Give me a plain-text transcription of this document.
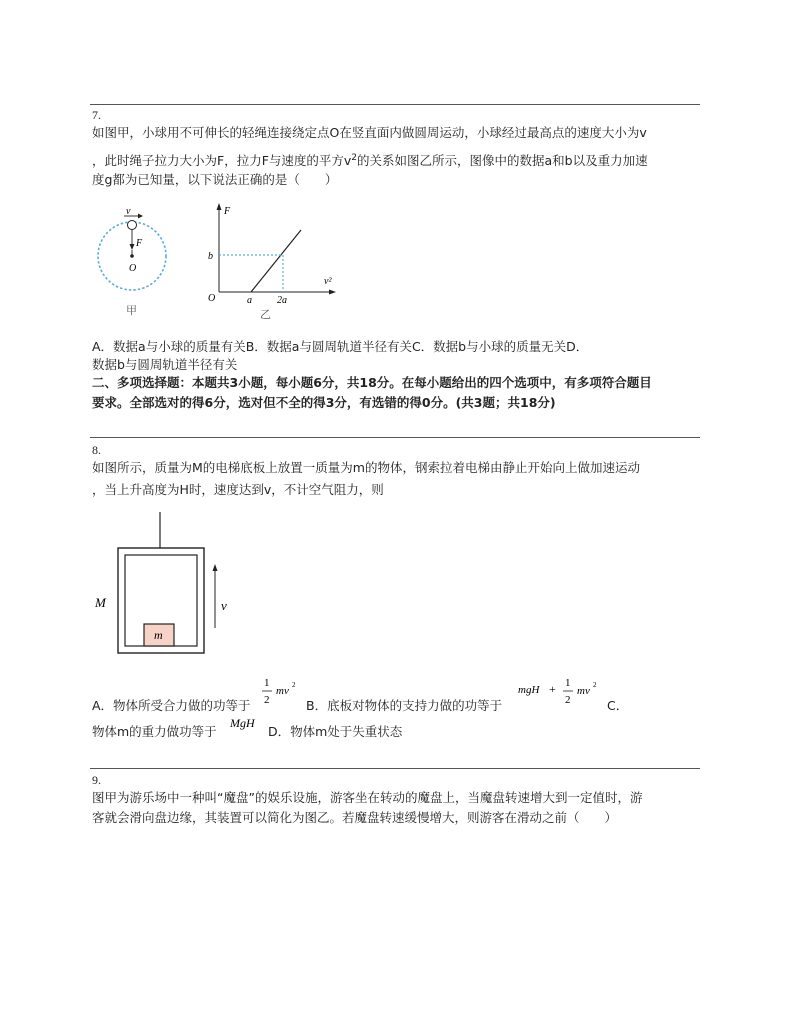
7.
如图甲，小球用不可伸长的轻绳连接绕定点O在竖直面内做圆周运动，小球经过最高点的速度大小为v
，此时绳子拉力大小为F，拉力F与速度的平方$v^2$的关系如图乙所示，图像中的数据a和b以及重力加速
度g都为已知量，以下说法正确的是（　　）
v
F
O
甲
F
b
O	a	2a
v²
乙
A．数据a与小球的质量有关B．数据a与圆周轨道半径有关C．数据b与小球的质量无关D．
数据b与圆周轨道半径有关
二、多项选择题：本题共3小题，每小题6分，共18分。在每小题给出的四个选项中，有多项符合题目
要求。全部选对的得6分，选对但不全的得3分，有选错的得0分。(共3题；共18分)
8.
如图所示，质量为M的电梯底板上放置一质量为m的物体，钢索拉着电梯由静止开始向上做加速运动
，当上升高度为H时，速度达到v，不计空气阻力，则
m
M	v
A．物体所受合力做的功等于
1
2
mv 2
B．底板对物体的支持力做的功等于
mgH + 1
2
mv 2
C．
物体m的重力做功等于
MgH
D．物体m处于失重状态
9.
图甲为游乐场中一种叫“魔盘”的娱乐设施，游客坐在转动的魔盘上，当魔盘转速增大到一定值时，游
客就会滑向盘边缘，其装置可以简化为图乙。若魔盘转速缓慢增大，则游客在滑动之前（　　）
